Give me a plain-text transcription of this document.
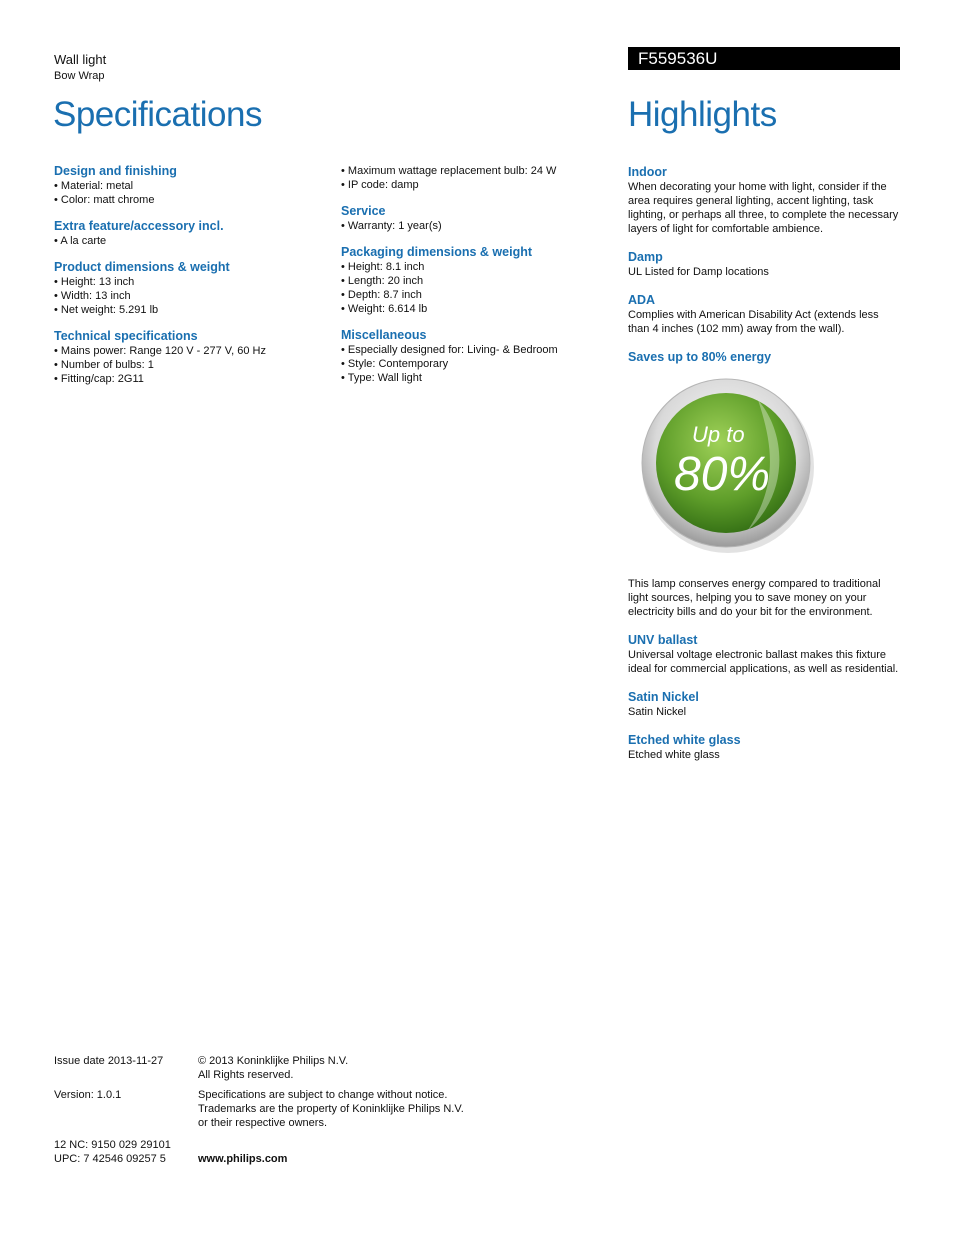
Wall light
Bow Wrap
Specifications
F559536U
Highlights
Design and finishing
• Material: metal
• Color: matt chrome
Extra feature/accessory incl.
• A la carte
Product dimensions & weight
• Height: 13 inch
• Width: 13 inch
• Net weight: 5.291 lb
Technical specifications
• Mains power: Range 120 V - 277 V, 60 Hz
• Number of bulbs: 1
• Fitting/cap: 2G11
• Maximum wattage replacement bulb: 24 W
• IP code: damp
Service
• Warranty: 1 year(s)
Packaging dimensions & weight
• Height: 8.1 inch
• Length: 20 inch
• Depth: 8.7 inch
• Weight: 6.614 lb
Miscellaneous
• Especially designed for: Living- & Bedroom
• Style: Contemporary
• Type: Wall light
Indoor
When decorating your home with light, consider if the area requires general lighting, accent lighting, task lighting, or perhaps all three, to complete the necessary layers of light for comfortable ambience.
Damp
UL Listed for Damp locations
ADA
Complies with American Disability Act (extends less than 4 inches (102 mm) away from the wall).
Saves up to 80% energy
Up to
80%
This lamp conserves energy compared to traditional light sources, helping you to save money on your electricity bills and do your bit for the environment.
UNV ballast
Universal voltage electronic ballast makes this fixture ideal for commercial applications, as well as residential.
Satin Nickel
Satin Nickel
Etched white glass
Etched white glass
Issue date 2013-11-27	© 2013 Koninklijke Philips N.V.
All Rights reserved.
Version: 1.0.1	Specifications are subject to change without notice.
Trademarks are the property of Koninklijke Philips N.V.
or their respective owners.
12 NC: 9150 029 29101
UPC: 7 42546 09257 5	www.philips.com
